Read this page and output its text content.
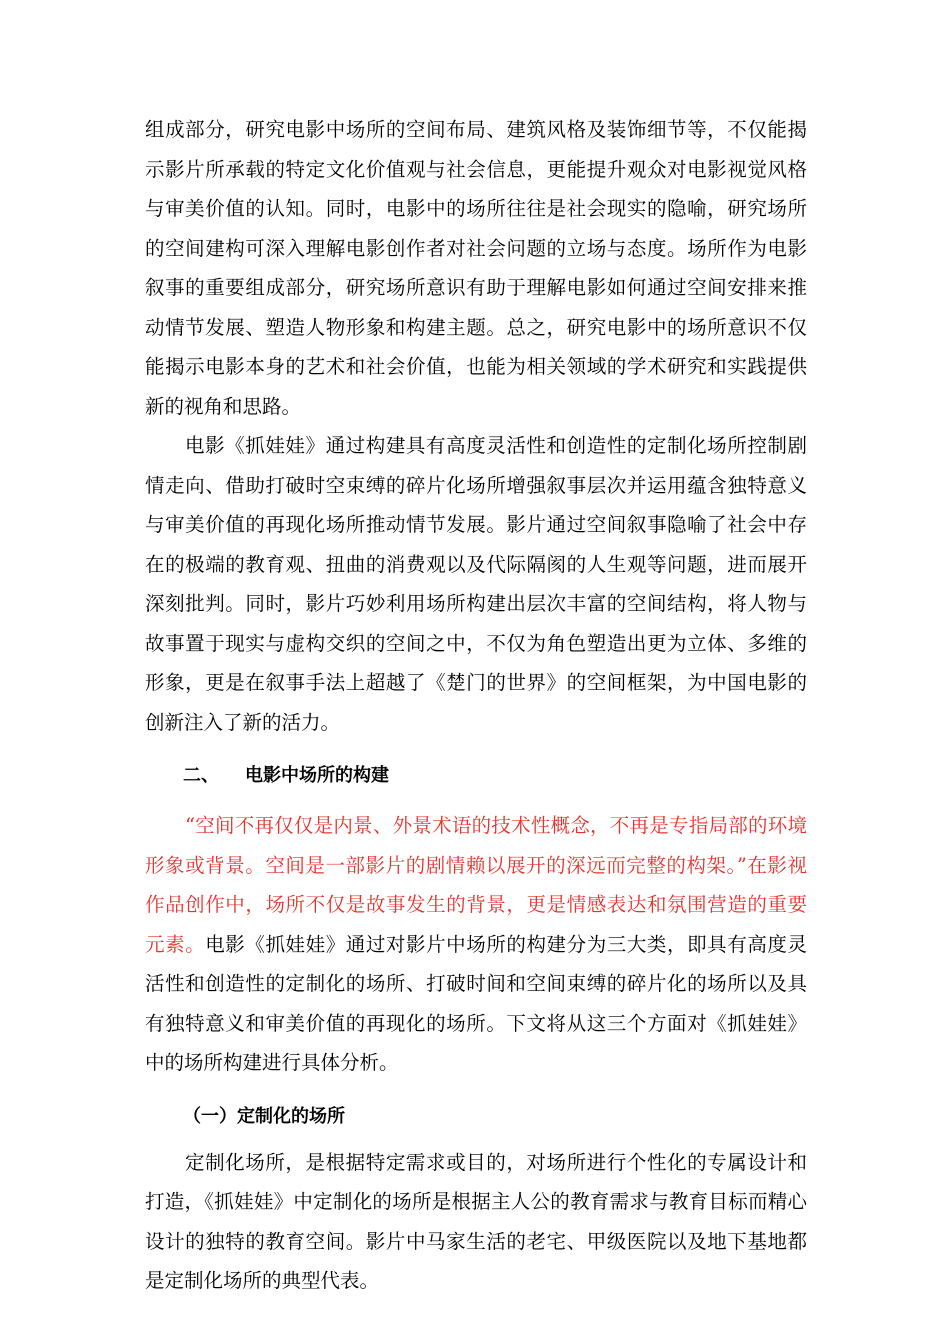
组成部分，研究电影中场所的空间布局、建筑风格及装饰细节等，不仅能揭示影片所承载的特定文化价值观与社会信息，更能提升观众对电影视觉风格与审美价值的认知。同时，电影中的场所往往是社会现实的隐喻，研究场所的空间建构可深入理解电影创作者对社会问题的立场与态度。场所作为电影叙事的重要组成部分，研究场所意识有助于理解电影如何通过空间安排来推动情节发展、塑造人物形象和构建主题。总之，研究电影中的场所意识不仅能揭示电影本身的艺术和社会价值，也能为相关领域的学术研究和实践提供新的视角和思路。

电影《抓娃娃》通过构建具有高度灵活性和创造性的定制化场所控制剧情走向、借助打破时空束缚的碎片化场所增强叙事层次并运用蕴含独特意义与审美价值的再现化场所推动情节发展。影片通过空间叙事隐喻了社会中存在的极端的教育观、扭曲的消费观以及代际隔阂的人生观等问题，进而展开深刻批判。同时，影片巧妙利用场所构建出层次丰富的空间结构，将人物与故事置于现实与虚构交织的空间之中，不仅为角色塑造出更为立体、多维的形象，更是在叙事手法上超越了《楚门的世界》的空间框架，为中国电影的创新注入了新的活力。

二、 电影中场所的构建

“空间不再仅仅是内景、外景术语的技术性概念，不再是专指局部的环境形象或背景。空间是一部影片的剧情赖以展开的深远而完整的构架。”在影视作品创作中，场所不仅是故事发生的背景，更是情感表达和氛围营造的重要元素。电影《抓娃娃》通过对影片中场所的构建分为三大类，即具有高度灵活性和创造性的定制化的场所、打破时间和空间束缚的碎片化的场所以及具有独特意义和审美价值的再现化的场所。下文将从这三个方面对《抓娃娃》中的场所构建进行具体分析。

（一）定制化的场所

定制化场所，是根据特定需求或目的，对场所进行个性化的专属设计和打造，《抓娃娃》中定制化的场所是根据主人公的教育需求与教育目标而精心设计的独特的教育空间。影片中马家生活的老宅、甲级医院以及地下基地都是定制化场所的典型代表。
